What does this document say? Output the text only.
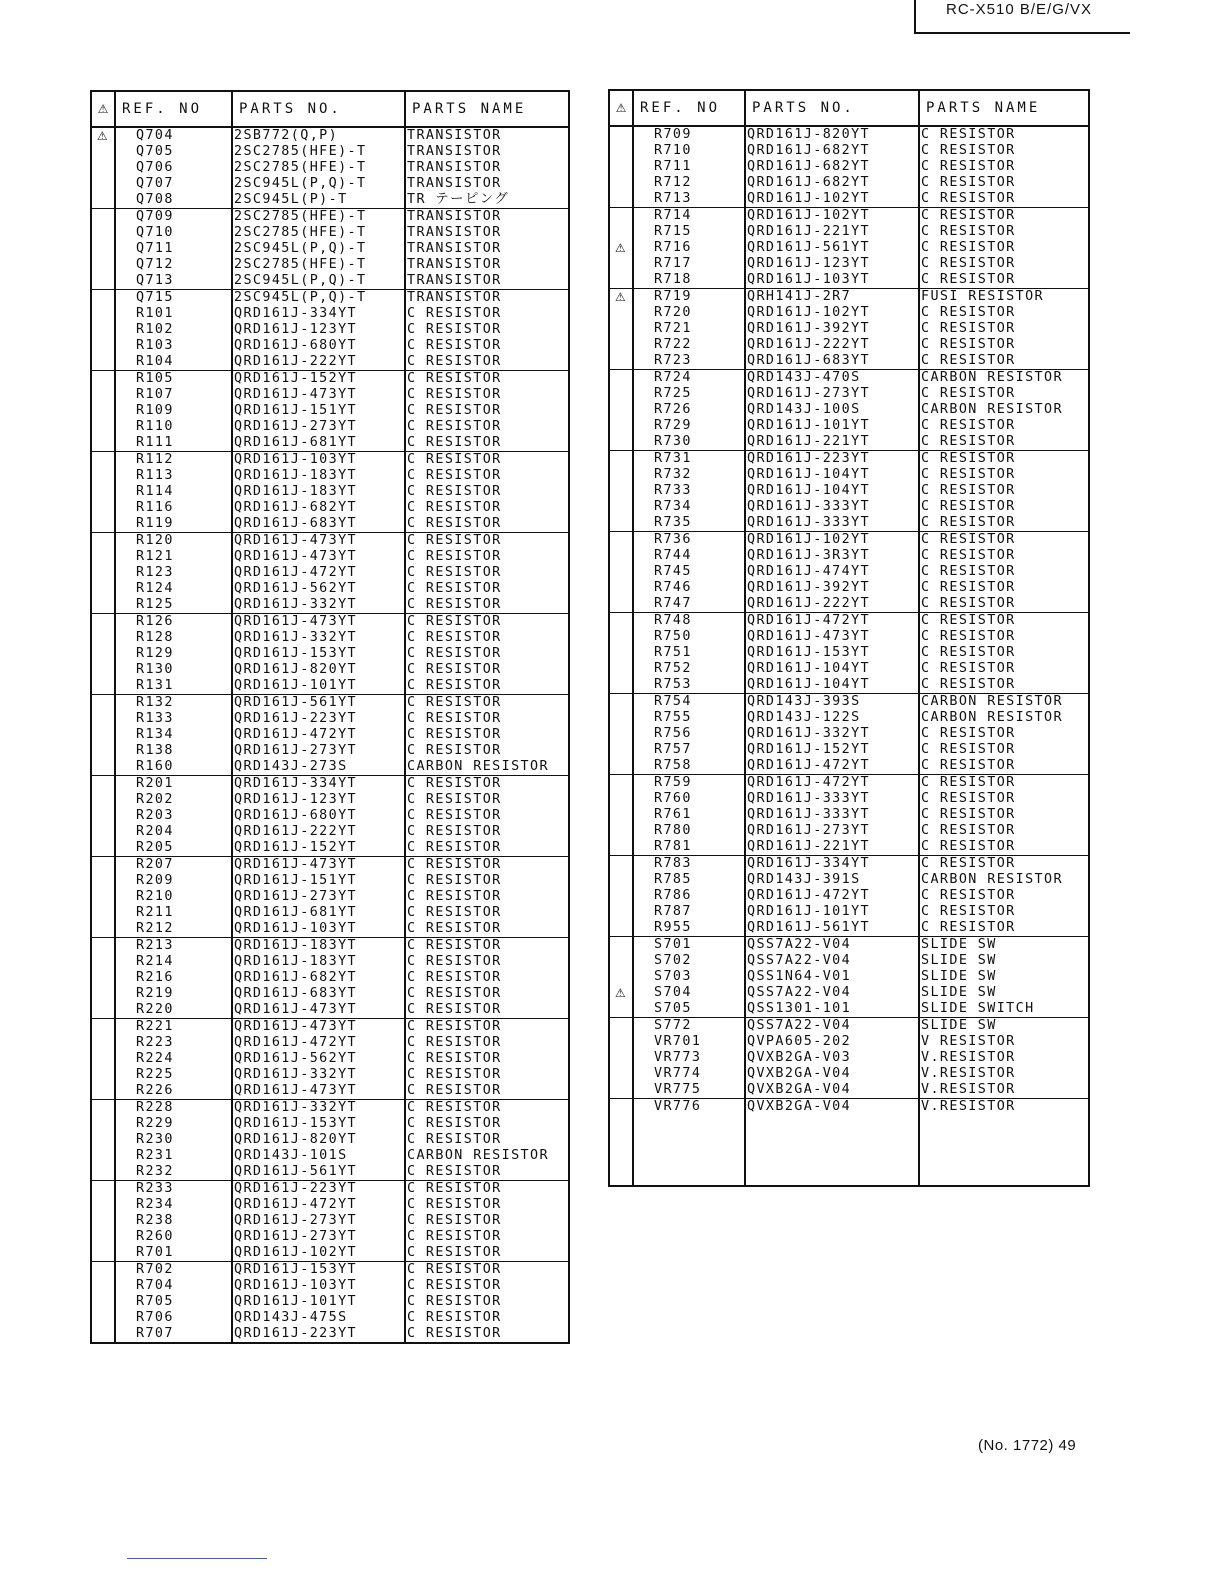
RC-X510 B/E/G/VX
⚠	REF. NO	PARTS NO.	PARTS NAME
⚠	Q704	2SB772(Q,P)	TRANSISTOR
	Q705	2SC2785(HFE)-T	TRANSISTOR
	Q706	2SC2785(HFE)-T	TRANSISTOR
	Q707	2SC945L(P,Q)-T	TRANSISTOR
	Q708	2SC945L(P)-T	TR テーピング
	Q709	2SC2785(HFE)-T	TRANSISTOR
	Q710	2SC2785(HFE)-T	TRANSISTOR
	Q711	2SC945L(P,Q)-T	TRANSISTOR
	Q712	2SC2785(HFE)-T	TRANSISTOR
	Q713	2SC945L(P,Q)-T	TRANSISTOR
	Q715	2SC945L(P,Q)-T	TRANSISTOR
	R101	QRD161J-334YT	C RESISTOR
	R102	QRD161J-123YT	C RESISTOR
	R103	QRD161J-680YT	C RESISTOR
	R104	QRD161J-222YT	C RESISTOR
	R105	QRD161J-152YT	C RESISTOR
	R107	QRD161J-473YT	C RESISTOR
	R109	QRD161J-151YT	C RESISTOR
	R110	QRD161J-273YT	C RESISTOR
	R111	QRD161J-681YT	C RESISTOR
	R112	QRD161J-103YT	C RESISTOR
	R113	QRD161J-183YT	C RESISTOR
	R114	QRD161J-183YT	C RESISTOR
	R116	QRD161J-682YT	C RESISTOR
	R119	QRD161J-683YT	C RESISTOR
	R120	QRD161J-473YT	C RESISTOR
	R121	QRD161J-473YT	C RESISTOR
	R123	QRD161J-472YT	C RESISTOR
	R124	QRD161J-562YT	C RESISTOR
	R125	QRD161J-332YT	C RESISTOR
	R126	QRD161J-473YT	C RESISTOR
	R128	QRD161J-332YT	C RESISTOR
	R129	QRD161J-153YT	C RESISTOR
	R130	QRD161J-820YT	C RESISTOR
	R131	QRD161J-101YT	C RESISTOR
	R132	QRD161J-561YT	C RESISTOR
	R133	QRD161J-223YT	C RESISTOR
	R134	QRD161J-472YT	C RESISTOR
	R138	QRD161J-273YT	C RESISTOR
	R160	QRD143J-273S	CARBON RESISTOR
	R201	QRD161J-334YT	C RESISTOR
	R202	QRD161J-123YT	C RESISTOR
	R203	QRD161J-680YT	C RESISTOR
	R204	QRD161J-222YT	C RESISTOR
	R205	QRD161J-152YT	C RESISTOR
	R207	QRD161J-473YT	C RESISTOR
	R209	QRD161J-151YT	C RESISTOR
	R210	QRD161J-273YT	C RESISTOR
	R211	QRD161J-681YT	C RESISTOR
	R212	QRD161J-103YT	C RESISTOR
	R213	QRD161J-183YT	C RESISTOR
	R214	QRD161J-183YT	C RESISTOR
	R216	QRD161J-682YT	C RESISTOR
	R219	QRD161J-683YT	C RESISTOR
	R220	QRD161J-473YT	C RESISTOR
	R221	QRD161J-473YT	C RESISTOR
	R223	QRD161J-472YT	C RESISTOR
	R224	QRD161J-562YT	C RESISTOR
	R225	QRD161J-332YT	C RESISTOR
	R226	QRD161J-473YT	C RESISTOR
	R228	QRD161J-332YT	C RESISTOR
	R229	QRD161J-153YT	C RESISTOR
	R230	QRD161J-820YT	C RESISTOR
	R231	QRD143J-101S	CARBON RESISTOR
	R232	QRD161J-561YT	C RESISTOR
	R233	QRD161J-223YT	C RESISTOR
	R234	QRD161J-472YT	C RESISTOR
	R238	QRD161J-273YT	C RESISTOR
	R260	QRD161J-273YT	C RESISTOR
	R701	QRD161J-102YT	C RESISTOR
	R702	QRD161J-153YT	C RESISTOR
	R704	QRD161J-103YT	C RESISTOR
	R705	QRD161J-101YT	C RESISTOR
	R706	QRD143J-475S	C RESISTOR
	R707	QRD161J-223YT	C RESISTOR
⚠	REF. NO	PARTS NO.	PARTS NAME
	R709	QRD161J-820YT	C RESISTOR
	R710	QRD161J-682YT	C RESISTOR
	R711	QRD161J-682YT	C RESISTOR
	R712	QRD161J-682YT	C RESISTOR
	R713	QRD161J-102YT	C RESISTOR
	R714	QRD161J-102YT	C RESISTOR
	R715	QRD161J-221YT	C RESISTOR
⚠	R716	QRD161J-561YT	C RESISTOR
	R717	QRD161J-123YT	C RESISTOR
	R718	QRD161J-103YT	C RESISTOR
⚠	R719	QRH141J-2R7	FUSI RESISTOR
	R720	QRD161J-102YT	C RESISTOR
	R721	QRD161J-392YT	C RESISTOR
	R722	QRD161J-222YT	C RESISTOR
	R723	QRD161J-683YT	C RESISTOR
	R724	QRD143J-470S	CARBON RESISTOR
	R725	QRD161J-273YT	C RESISTOR
	R726	QRD143J-100S	CARBON RESISTOR
	R729	QRD161J-101YT	C RESISTOR
	R730	QRD161J-221YT	C RESISTOR
	R731	QRD161J-223YT	C RESISTOR
	R732	QRD161J-104YT	C RESISTOR
	R733	QRD161J-104YT	C RESISTOR
	R734	QRD161J-333YT	C RESISTOR
	R735	QRD161J-333YT	C RESISTOR
	R736	QRD161J-102YT	C RESISTOR
	R744	QRD161J-3R3YT	C RESISTOR
	R745	QRD161J-474YT	C RESISTOR
	R746	QRD161J-392YT	C RESISTOR
	R747	QRD161J-222YT	C RESISTOR
	R748	QRD161J-472YT	C RESISTOR
	R750	QRD161J-473YT	C RESISTOR
	R751	QRD161J-153YT	C RESISTOR
	R752	QRD161J-104YT	C RESISTOR
	R753	QRD161J-104YT	C RESISTOR
	R754	QRD143J-393S	CARBON RESISTOR
	R755	QRD143J-122S	CARBON RESISTOR
	R756	QRD161J-332YT	C RESISTOR
	R757	QRD161J-152YT	C RESISTOR
	R758	QRD161J-472YT	C RESISTOR
	R759	QRD161J-472YT	C RESISTOR
	R760	QRD161J-333YT	C RESISTOR
	R761	QRD161J-333YT	C RESISTOR
	R780	QRD161J-273YT	C RESISTOR
	R781	QRD161J-221YT	C RESISTOR
	R783	QRD161J-334YT	C RESISTOR
	R785	QRD143J-391S	CARBON RESISTOR
	R786	QRD161J-472YT	C RESISTOR
	R787	QRD161J-101YT	C RESISTOR
	R955	QRD161J-561YT	C RESISTOR
	S701	QSS7A22-V04	SLIDE SW
	S702	QSS7A22-V04	SLIDE SW
	S703	QSS1N64-V01	SLIDE SW
⚠	S704	QSS7A22-V04	SLIDE SW
	S705	QSS1301-101	SLIDE SWITCH
	S772	QSS7A22-V04	SLIDE SW
	VR701	QVPA605-202	V RESISTOR
	VR773	QVXB2GA-V03	V.RESISTOR
	VR774	QVXB2GA-V04	V.RESISTOR
	VR775	QVXB2GA-V04	V.RESISTOR
	VR776	QVXB2GA-V04	V.RESISTOR

(No. 1772) 49
